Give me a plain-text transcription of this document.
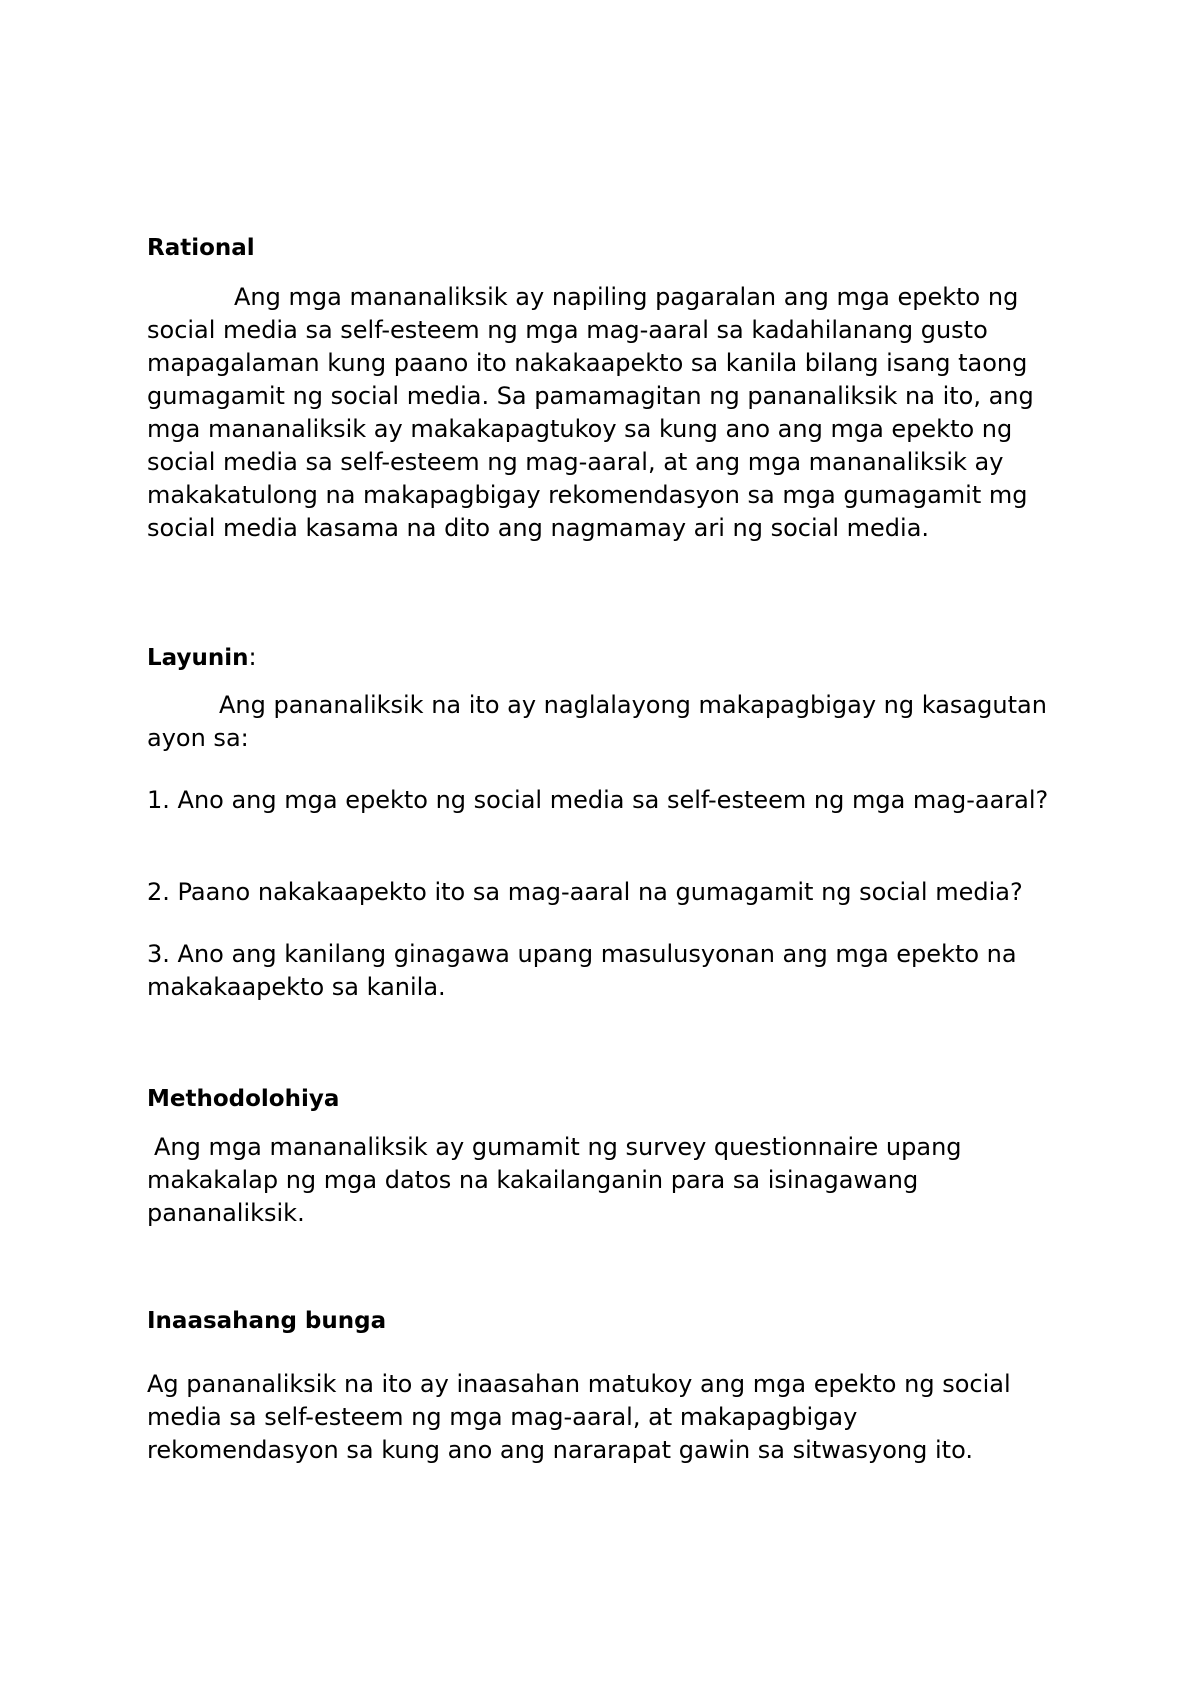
Rational

Ang mga mananaliksik ay napiling pagaralan ang mga epekto ng
social media sa self-esteem ng mga mag-aaral sa kadahilanang gusto
mapagalaman kung paano ito nakakaapekto sa kanila bilang isang taong
gumagamit ng social media. Sa pamamagitan ng pananaliksik na ito, ang
mga mananaliksik ay makakapagtukoy sa kung ano ang mga epekto ng
social media sa self-esteem ng mag-aaral, at ang mga mananaliksik ay
makakatulong na makapagbigay rekomendasyon sa mga gumagamit mg
social media kasama na dito ang nagmamay ari ng social media.

Layunin:

Ang pananaliksik na ito ay naglalayong makapagbigay ng kasagutan
ayon sa:

1. Ano ang mga epekto ng social media sa self-esteem ng mga mag-aaral?

2. Paano nakakaapekto ito sa mag-aaral na gumagamit ng social media?

3. Ano ang kanilang ginagawa upang masulusyonan ang mga epekto na
makakaapekto sa kanila.

Methodolohiya

Ang mga mananaliksik ay gumamit ng survey questionnaire upang
makakalap ng mga datos na kakailanganin para sa isinagawang
pananaliksik.

Inaasahang bunga

Ag pananaliksik na ito ay inaasahan matukoy ang mga epekto ng social
media sa self-esteem ng mga mag-aaral, at makapagbigay
rekomendasyon sa kung ano ang nararapat gawin sa sitwasyong ito.
